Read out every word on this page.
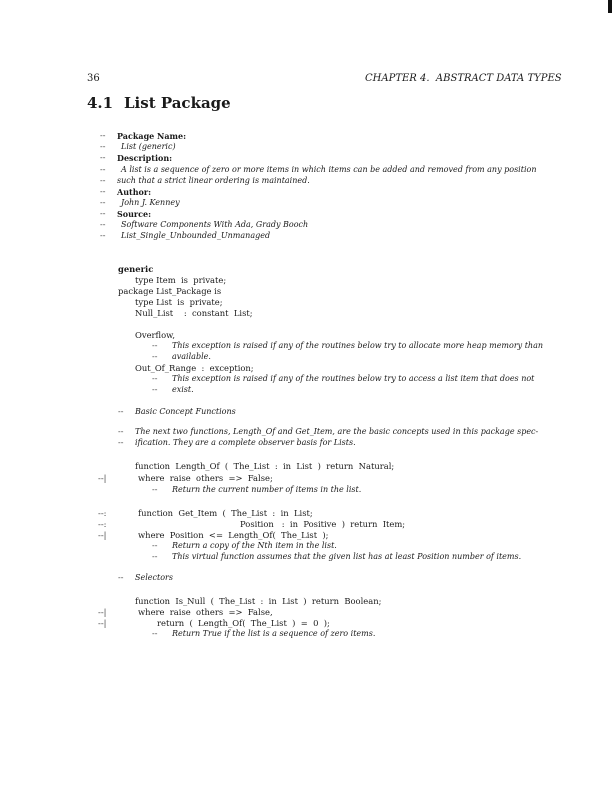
36	CHAPTER 4.  ABSTRACT DATA TYPES
4.1 List Package
-- Package Name:
-- List (generic)
-- Description:
-- A list is a sequence of zero or more items in which items can be added and removed from any position
-- such that a strict linear ordering is maintained.
-- Author:
-- John J. Kenney
-- Source:
-- Software Components With Ada, Grady Booch
-- List_Single_Unbounded_Unmanaged
generic
type Item  is  private;
package List_Package is
type List  is  private;
Null_List    :  constant  List;
Overflow,
-- This exception is raised if any of the routines below try to allocate more heap memory than
-- available.
Out_Of_Range  :  exception;
-- This exception is raised if any of the routines below try to access a list item that does not
-- exist.
-- Basic Concept Functions
-- The next two functions, Length_Of and Get_Item, are the basic concepts used in this package spec-
-- ification. They are a complete observer basis for Lists.
function  Length_Of  (  The_List  :  in  List  )  return  Natural;
--|	where  raise  others  =>  False;
-- Return the current number of items in the list.
--:	function  Get_Item  (  The_List  :  in  List;
--:	Position   :  in  Positive  )  return  Item;
--|	where  Position  <=  Length_Of(  The_List  );
-- Return a copy of the Nth item in the list.
-- This virtual function assumes that the given list has at least Position number of items.
-- Selectors
function  Is_Null  (  The_List  :  in  List  )  return  Boolean;
--|	where  raise  others  =>  False,
--|	return  (  Length_Of(  The_List  )  =  0  );
-- Return True if the list is a sequence of zero items.
